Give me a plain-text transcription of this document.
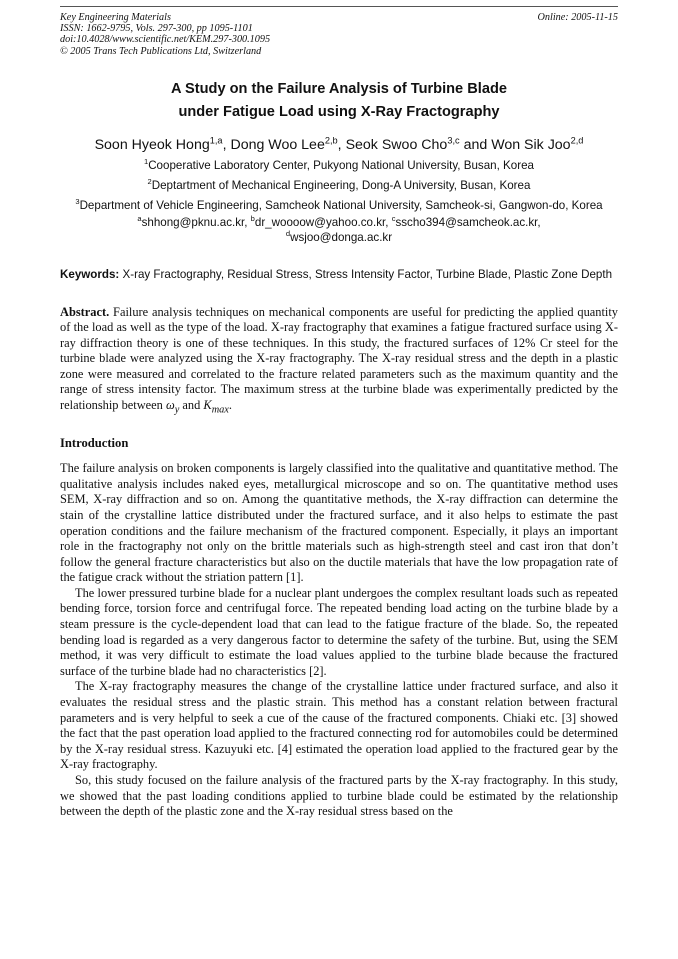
Key Engineering Materials
ISSN: 1662-9795, Vols. 297-300, pp 1095-1101
doi:10.4028/www.scientific.net/KEM.297-300.1095
© 2005 Trans Tech Publications Ltd, Switzerland
Online: 2005-11-15
A Study on the Failure Analysis of Turbine Blade
under Fatigue Load using X-Ray Fractography
Soon Hyeok Hong$^{1,a}$, Dong Woo Lee$^{2,b}$, Seok Swoo Cho$^{3,c}$ and Won Sik Joo$^{2,d}$
$^1$Cooperative Laboratory Center, Pukyong National University, Busan, Korea
$^2$Deptartment of Mechanical Engineering, Dong-A University, Busan, Korea
$^3$Department of Vehicle Engineering, Samcheok National University, Samcheok-si, Gangwon-do, Korea
$^a$shhong@pknu.ac.kr, $^b$dr_woooow@yahoo.co.kr, $^c$sscho394@samcheok.ac.kr,
$^d$wsjoo@donga.ac.kr
Keywords: X-ray Fractography, Residual Stress, Stress Intensity Factor, Turbine Blade, Plastic Zone Depth

Abstract. Failure analysis techniques on mechanical components are useful for predicting the applied quantity of the load as well as the type of the load. X-ray fractography that examines a fatigue fractured surface using X-ray diffraction theory is one of these techniques. In this study, the fractured surfaces of 12% Cr steel for the turbine blade were analyzed using the X-ray fractography. The X-ray residual stress and the depth in a plastic zone were measured and correlated to the fracture related parameters such as the maximum quantity and the range of stress intensity factor. The maximum stress at the turbine blade was experimentally predicted by the relationship between $\omega_y$ and $K_{max}$.

Introduction

The failure analysis on broken components is largely classified into the qualitative and quantitative method. The qualitative analysis includes naked eyes, metallurgical microscope and so on. The quantitative method uses SEM, X-ray diffraction and so on. Among the quantitative methods, the X-ray diffraction can determine the stain of the crystalline lattice distributed under the fractured surface, and it also helps to estimate the past operation conditions and the failure mechanism of the fractured component. Especially, it plays an important role in the fractography not only on the brittle materials such as high-strength steel and cast iron that don’t follow the general fracture characteristics but also on the ductile materials that have the low propagation rate of the fatigue crack without the striation pattern [1].

The lower pressured turbine blade for a nuclear plant undergoes the complex resultant loads such as repeated bending force, torsion force and centrifugal force. The repeated bending load acting on the turbine blade by a steam pressure is the cycle-dependent load that can lead to the fatigue fracture of the blade. So, the repeated bending load is regarded as a very dangerous factor to determine the safety of the turbine. But, using the SEM method, it was very difficult to estimate the load values applied to the turbine blade because the fractured surface of the turbine blade had no characteristics [2].

The X-ray fractography measures the change of the crystalline lattice under fractured surface, and also it evaluates the residual stress and the plastic strain. This method has a constant relation between fractural parameters and is very helpful to seek a cue of the cause of the fractured components. Chiaki etc. [3] showed the fact that the past operation load applied to the fractured connecting rod for automobiles could be determined by the X-ray residual stress. Kazuyuki etc. [4] estimated the operation load applied to the fractured gear by the X-ray fractography.

So, this study focused on the failure analysis of the fractured parts by the X-ray fractography. In this study, we showed that the past loading conditions applied to turbine blade could be estimated by the relationship between the depth of the plastic zone and the X-ray residual stress based on the
